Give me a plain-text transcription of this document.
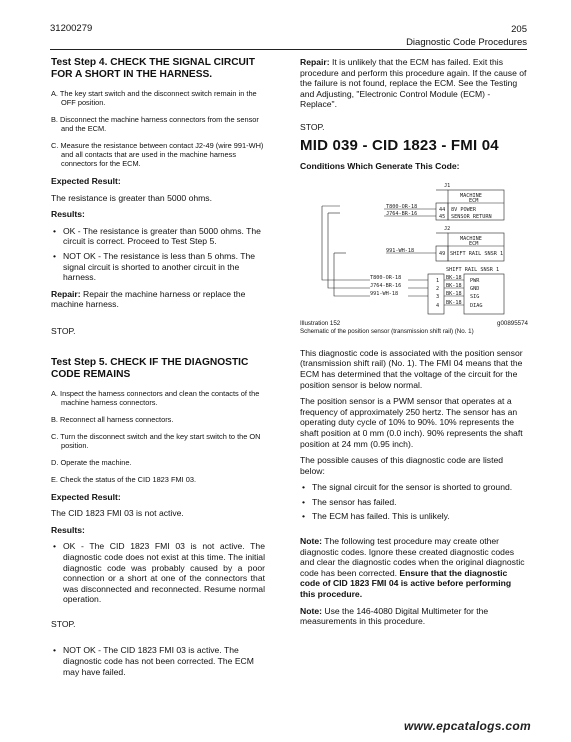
31200279	205
Diagnostic Code Procedures
Test Step 4. CHECK THE SIGNAL CIRCUIT FOR A SHORT IN THE HARNESS.
A. The key start switch and the disconnect switch remain in the OFF position.
B. Disconnect the machine harness connectors from the sensor and the ECM.
C. Measure the resistance between contact J2-49 (wire 991-WH) and all contacts that are used in the machine harness connectors for the ECM.

Expected Result:

The resistance is greater than 5000 ohms.

Results:

• OK - The resistance is greater than 5000 ohms. The circuit is correct. Proceed to Test Step 5.
• NOT OK - The resistance is less than 5 ohms. The signal circuit is shorted to another circuit in the harness.

Repair: Repair the machine harness or replace the machine harness.

STOP.

Test Step 5. CHECK IF THE DIAGNOSTIC CODE REMAINS
A. Inspect the harness connectors and clean the contacts of the machine harness connectors.
B. Reconnect all harness connectors.
C. Turn the disconnect switch and the key start switch to the ON position.
D. Operate the machine.
E. Check the status of the CID 1823 FMI 03.

Expected Result:

The CID 1823 FMI 03 is not active.

Results:

• OK - The CID 1823 FMI 03 is not active. The diagnostic code does not exist at this time. The initial diagnostic code was probably caused by a poor connection or a short at one of the connectors that was disconnected and reconnected. Resume normal operation.

STOP.

• NOT OK - The CID 1823 FMI 03 is active. The diagnostic code has not been corrected. The ECM may have failed.

Repair: It is unlikely that the ECM has failed. Exit this procedure and perform this procedure again. If the cause of the failure is not found, replace the ECM. See the Testing and Adjusting, "Electronic Control Module (ECM) - Replace".

STOP.

MID 039 - CID 1823 - FMI 04

Conditions Which Generate This Code:

J1
MACHINE
ECM
44
45
8V POWER
SENSOR RETURN
T800-OR-18
J764-BR-16
J2
MACHINE
ECM
49 SHIFT RAIL SNSR 1
991-WH-18
SHIFT RAIL SNSR 1
T800-OR-18
J764-BR-16
991-WH-18
1
2
3
4
BK-18
BK-18
BK-18
BK-18
PWR
GND
SIG
DIAG
Illustration 152	g00895574
Schematic of the position sensor (transmission shift rail) (No. 1)

This diagnostic code is associated with the position sensor (transmission shift rail) (No. 1). The FMI 04 means that the ECM has determined that the voltage of the circuit for the position sensor is below normal.

The position sensor is a PWM sensor that operates at a frequency of approximately 250 hertz. The sensor has an operating duty cycle of 10% to 90%. 10% represents the shaft position at 0 mm (0.0 inch). 90% represents the shaft position at 24 mm (0.95 inch).

The possible causes of this diagnostic code are listed below:

• The signal circuit for the sensor is shorted to ground.
• The sensor has failed.
• The ECM has failed. This is unlikely.

Note: The following test procedure may create other diagnostic codes. Ignore these created diagnostic codes and clear the diagnostic codes when the original diagnostic code has been corrected. Ensure that the diagnostic code of CID 1823 FMI 04 is active before performing this procedure.

Note: Use the 146-4080 Digital Multimeter for the measurements in this procedure.

www.epcatalogs.com
